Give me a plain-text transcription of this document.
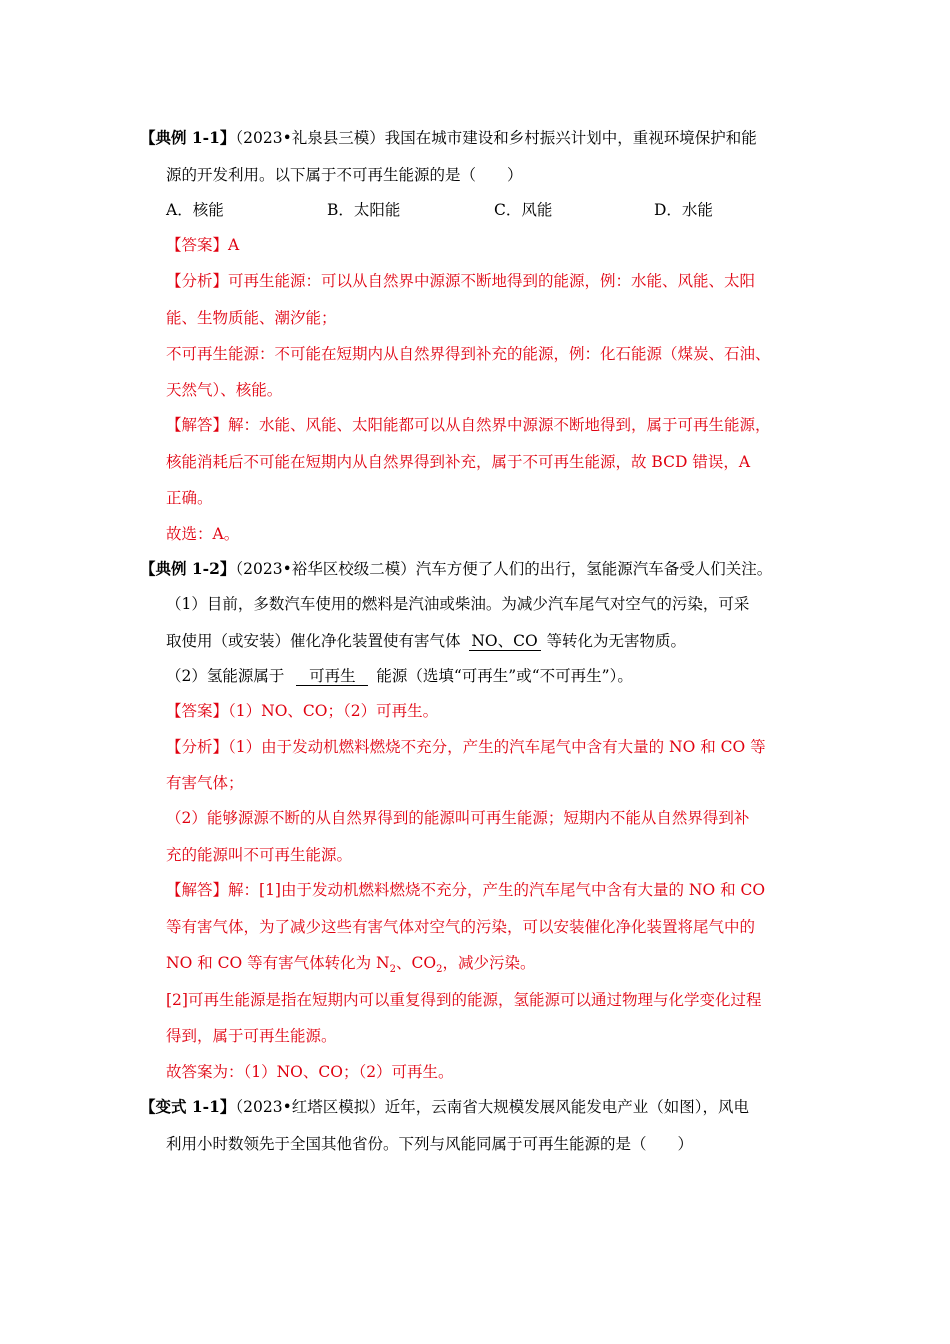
【典例 1-1】（2023•礼泉县三模）我国在城市建设和乡村振兴计划中，重视环境保护和能
源的开发利用。以下属于不可再生能源的是（　　）
A．核能	B．太阳能	C．风能	D．水能
【答案】A
【分析】可再生能源：可以从自然界中源源不断地得到的能源，例：水能、风能、太阳
能、生物质能、潮汐能；
不可再生能源：不可能在短期内从自然界得到补充的能源，例：化石能源（煤炭、石油、
天然气）、核能。
【解答】解：水能、风能、太阳能都可以从自然界中源源不断地得到，属于可再生能源，
核能消耗后不可能在短期内从自然界得到补充，属于不可再生能源，故 BCD 错误，A
正确。
故选：A。
【典例 1-2】（2023•裕华区校级二模）汽车方便了人们的出行，氢能源汽车备受人们关注。
（1）目前，多数汽车使用的燃料是汽油或柴油。为减少汽车尾气对空气的污染，可采
取使用（或安装）催化净化装置使有害气体 NO、CO 等转化为无害物质。
（2）氢能源属于 可再生 能源（选填“可再生”或“不可再生”）。
【答案】（1）NO、CO；（2）可再生。
【分析】（1）由于发动机燃料燃烧不充分，产生的汽车尾气中含有大量的 NO 和 CO 等
有害气体；
（2）能够源源不断的从自然界得到的能源叫可再生能源；短期内不能从自然界得到补
充的能源叫不可再生能源。
【解答】解：[1]由于发动机燃料燃烧不充分，产生的汽车尾气中含有大量的 NO 和 CO
等有害气体，为了减少这些有害气体对空气的污染，可以安装催化净化装置将尾气中的
NO 和 CO 等有害气体转化为 $N_2$、$CO_2$，减少污染。
[2]可再生能源是指在短期内可以重复得到的能源，氢能源可以通过物理与化学变化过程
得到，属于可再生能源。
故答案为：（1）NO、CO；（2）可再生。
【变式 1-1】（2023•红塔区模拟）近年，云南省大规模发展风能发电产业（如图），风电
利用小时数领先于全国其他省份。下列与风能同属于可再生能源的是（　　）
